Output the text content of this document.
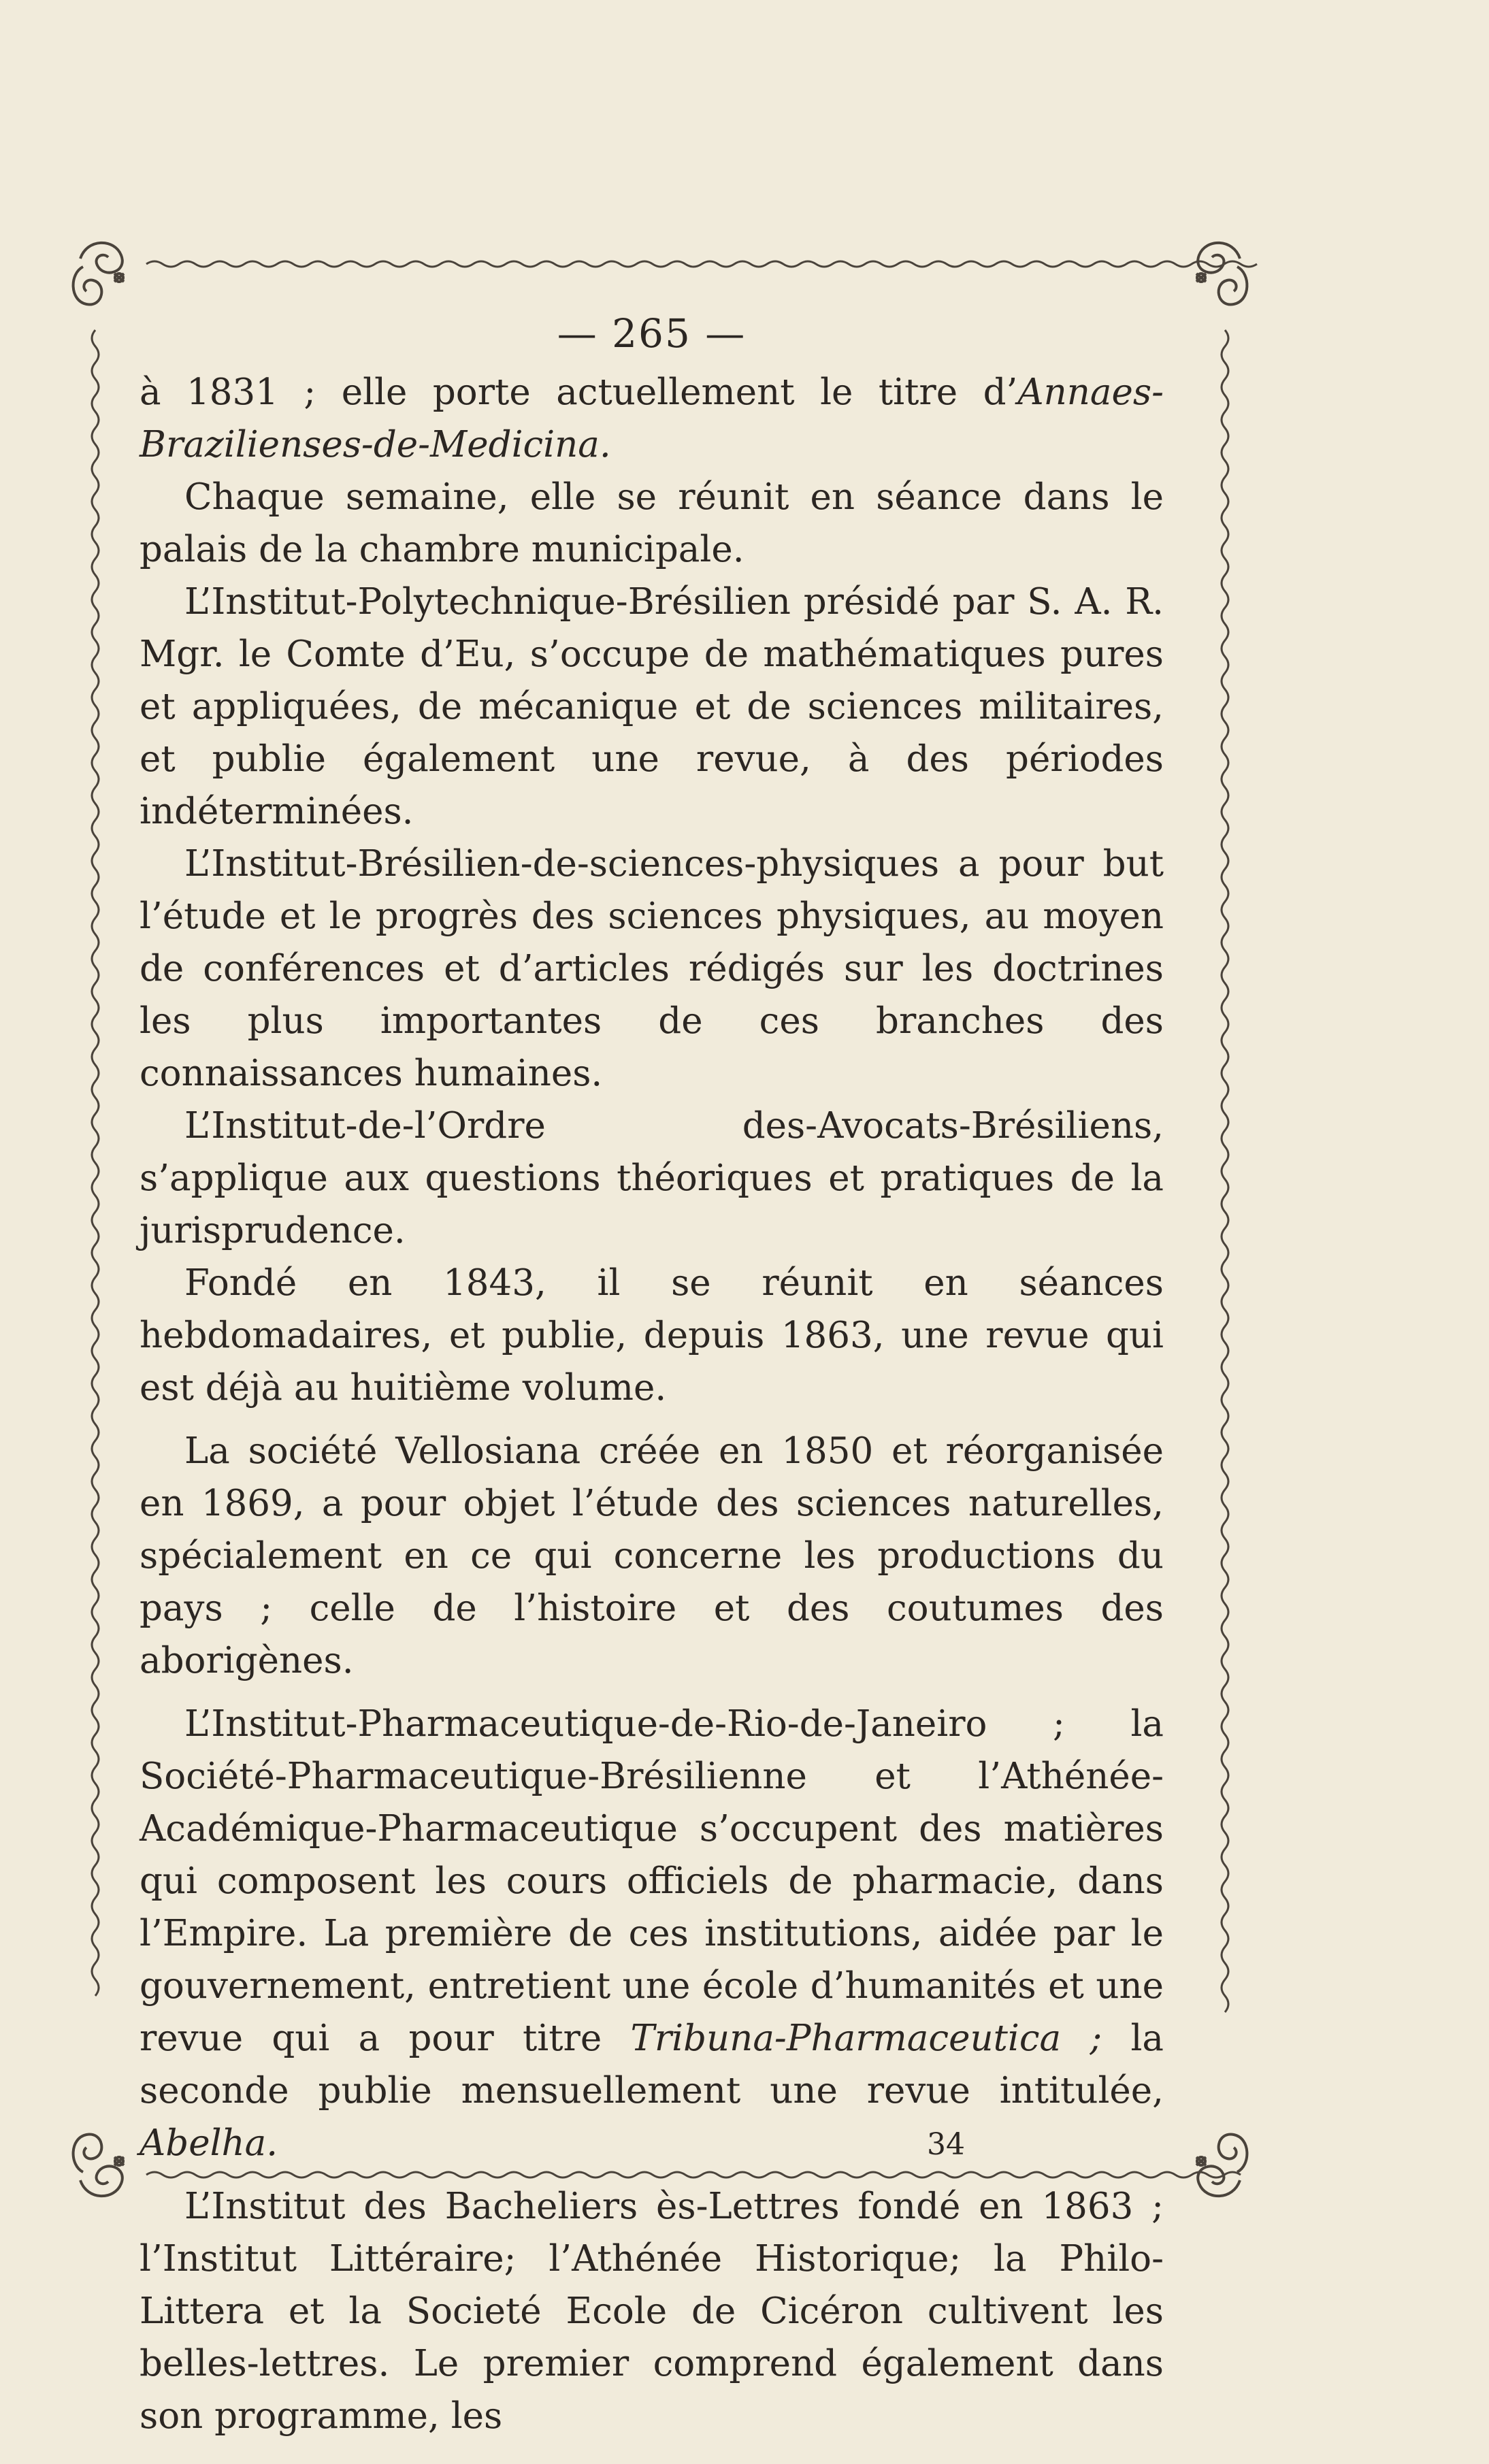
— 265 —

à 1831 ; elle porte actuellement le titre d’Annaes-Brazilienses-de-Medicina.

Chaque semaine, elle se réunit en séance dans le palais de la chambre municipale.

L’Institut-Polytechnique-Brésilien présidé par S. A. R. Mgr. le Comte d’Eu, s’occupe de mathématiques pures et appliquées, de mécanique et de sciences militaires, et publie également une revue, à des périodes indéterminées.

L’Institut-Brésilien-de-sciences-physiques a pour but l’étude et le progrès des sciences physiques, au moyen de conférences et d’articles rédigés sur les doctrines les plus importantes de ces branches des connaissances humaines.

L’Institut-de-l’Ordre des-Avocats-Brésiliens, s’applique aux questions théoriques et pratiques de la jurisprudence.

Fondé en 1843, il se réunit en séances hebdomadaires, et publie, depuis 1863, une revue qui est déjà au huitième volume.

La société Vellosiana créée en 1850 et réorganisée en 1869, a pour objet l’étude des sciences naturelles, spécialement en ce qui concerne les productions du pays ; celle de l’histoire et des coutumes des aborigènes.

L’Institut-Pharmaceutique-de-Rio-de-Janeiro ; la Société-Pharmaceutique-Brésilienne et l’Athénée-Académique-Pharmaceutique s’occupent des matières qui composent les cours officiels de pharmacie, dans l’Empire. La première de ces institutions, aidée par le gouvernement, entretient une école d’humanités et une revue qui a pour titre Tribuna-Pharmaceutica ; la seconde publie mensuellement une revue intitulée, Abelha.

L’Institut des Bacheliers ès-Lettres fondé en 1863 ; l’Institut Littéraire; l’Athénée Historique; la Philo-Littera et la Societé Ecole de Cicéron cultivent les belles-lettres. Le premier comprend également dans son programme, les

34
